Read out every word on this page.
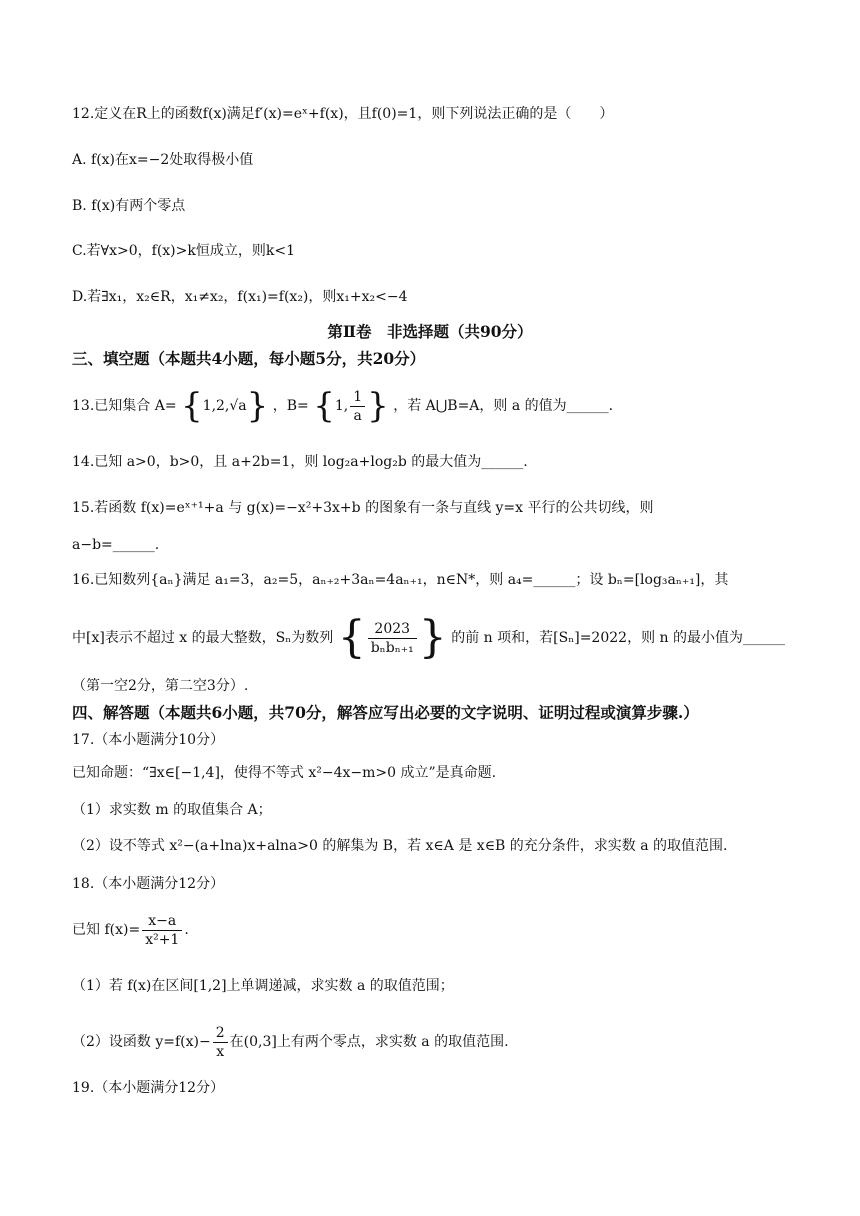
12.定义在R上的函数f(x)满足f′(x)=eˣ+f(x)，且f(0)=1，则下列说法正确的是（　　）
A. f(x)在x=−2处取得极小值
B. f(x)有两个零点
C.若∀x>0，f(x)>k恒成立，则k<1
D.若∃x₁，x₂∈R，x₁≠x₂，f(x₁)=f(x₂)，则x₁+x₂<−4
第Ⅱ卷　非选择题（共90分）
三、填空题（本题共4小题，每小题5分，共20分）
13.已知集合 A= {1,2,√a} ，B= {1, $\frac{1}{a}$ } ，若 A⋃B=A，则 a 的值为______.
14.已知 a>0，b>0，且 a+2b=1，则 log₂a+log₂b 的最大值为______.
15.若函数 f(x)=eˣ⁺¹+a 与 g(x)=−x²+3x+b 的图象有一条与直线 y=x 平行的公共切线，则
a−b=______.
16.已知数列{aₙ}满足 a₁=3，a₂=5，aₙ₊₂+3aₙ=4aₙ₊₁，n∈N*，则 a₄=______；设 bₙ=[log₃aₙ₊₁]，其
中[x]表示不超过 x 的最大整数，Sₙ为数列 { $\frac{2023}{\text{bₙbₙ₊₁}}$ } 的前 n 项和，若[Sₙ]=2022，则 n 的最小值为______
（第一空2分，第二空3分）.
四、解答题（本题共6小题，共70分，解答应写出必要的文字说明、证明过程或演算步骤.）
17.（本小题满分10分）
已知命题：“∃x∈[−1,4]，使得不等式 x²−4x−m>0 成立”是真命题.
（1）求实数 m 的取值集合 A；
（2）设不等式 x²−(a+lna)x+alna>0 的解集为 B，若 x∈A 是 x∈B 的充分条件，求实数 a 的取值范围.
18.（本小题满分12分）
已知 $f(x)= \frac{x-a}{\text{x²+1}}$ .
（1）若 f(x)在区间[1,2]上单调递减，求实数 a 的取值范围；
（2）设函数 $y=f(x)- \frac{2}{x}$ 在(0,3]上有两个零点，求实数 a 的取值范围.
19.（本小题满分12分）
